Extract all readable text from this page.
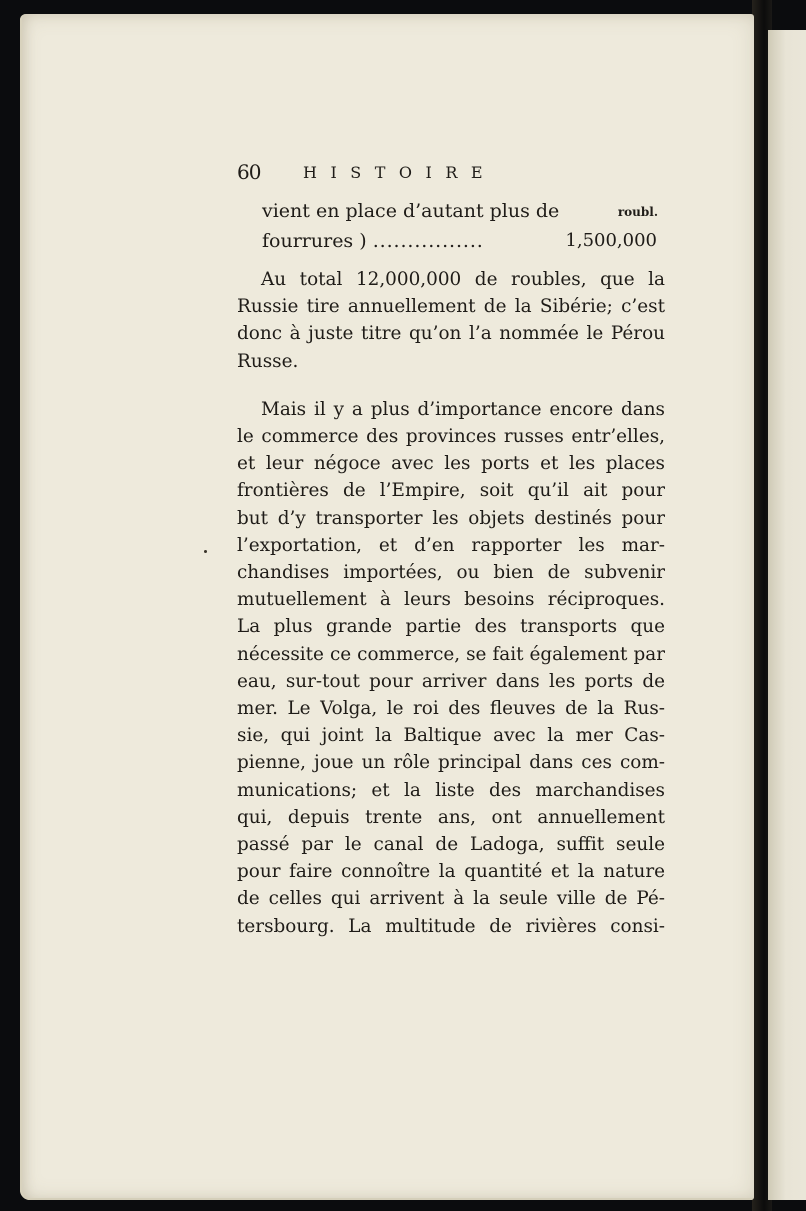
60	HISTOIRE
vient en place d’autant plus de	roubl.
fourrures ) ................	1,500,000

Au total 12,000,000 de roubles, que la
Russie tire annuellement de la Sibérie; c’est
donc à juste titre qu’on l’a nommée le Pérou
Russe.

Mais il y a plus d’importance encore dans
le commerce des provinces russes entr’elles,
et leur négoce avec les ports et les places
frontières de l’Empire, soit qu’il ait pour
but d’y transporter les objets destinés pour
l’exportation, et d’en rapporter les mar-
chandises importées, ou bien de subvenir
mutuellement à leurs besoins réciproques.
La plus grande partie des transports que
nécessite ce commerce, se fait également par
eau, sur-tout pour arriver dans les ports de
mer. Le Volga, le roi des fleuves de la Rus-
sie, qui joint la Baltique avec la mer Cas-
pienne, joue un rôle principal dans ces com-
munications; et la liste des marchandises
qui, depuis trente ans, ont annuellement
passé par le canal de Ladoga, suffit seule
pour faire connoître la quantité et la nature
de celles qui arrivent à la seule ville de Pé-
tersbourg. La multitude de rivières consi-
